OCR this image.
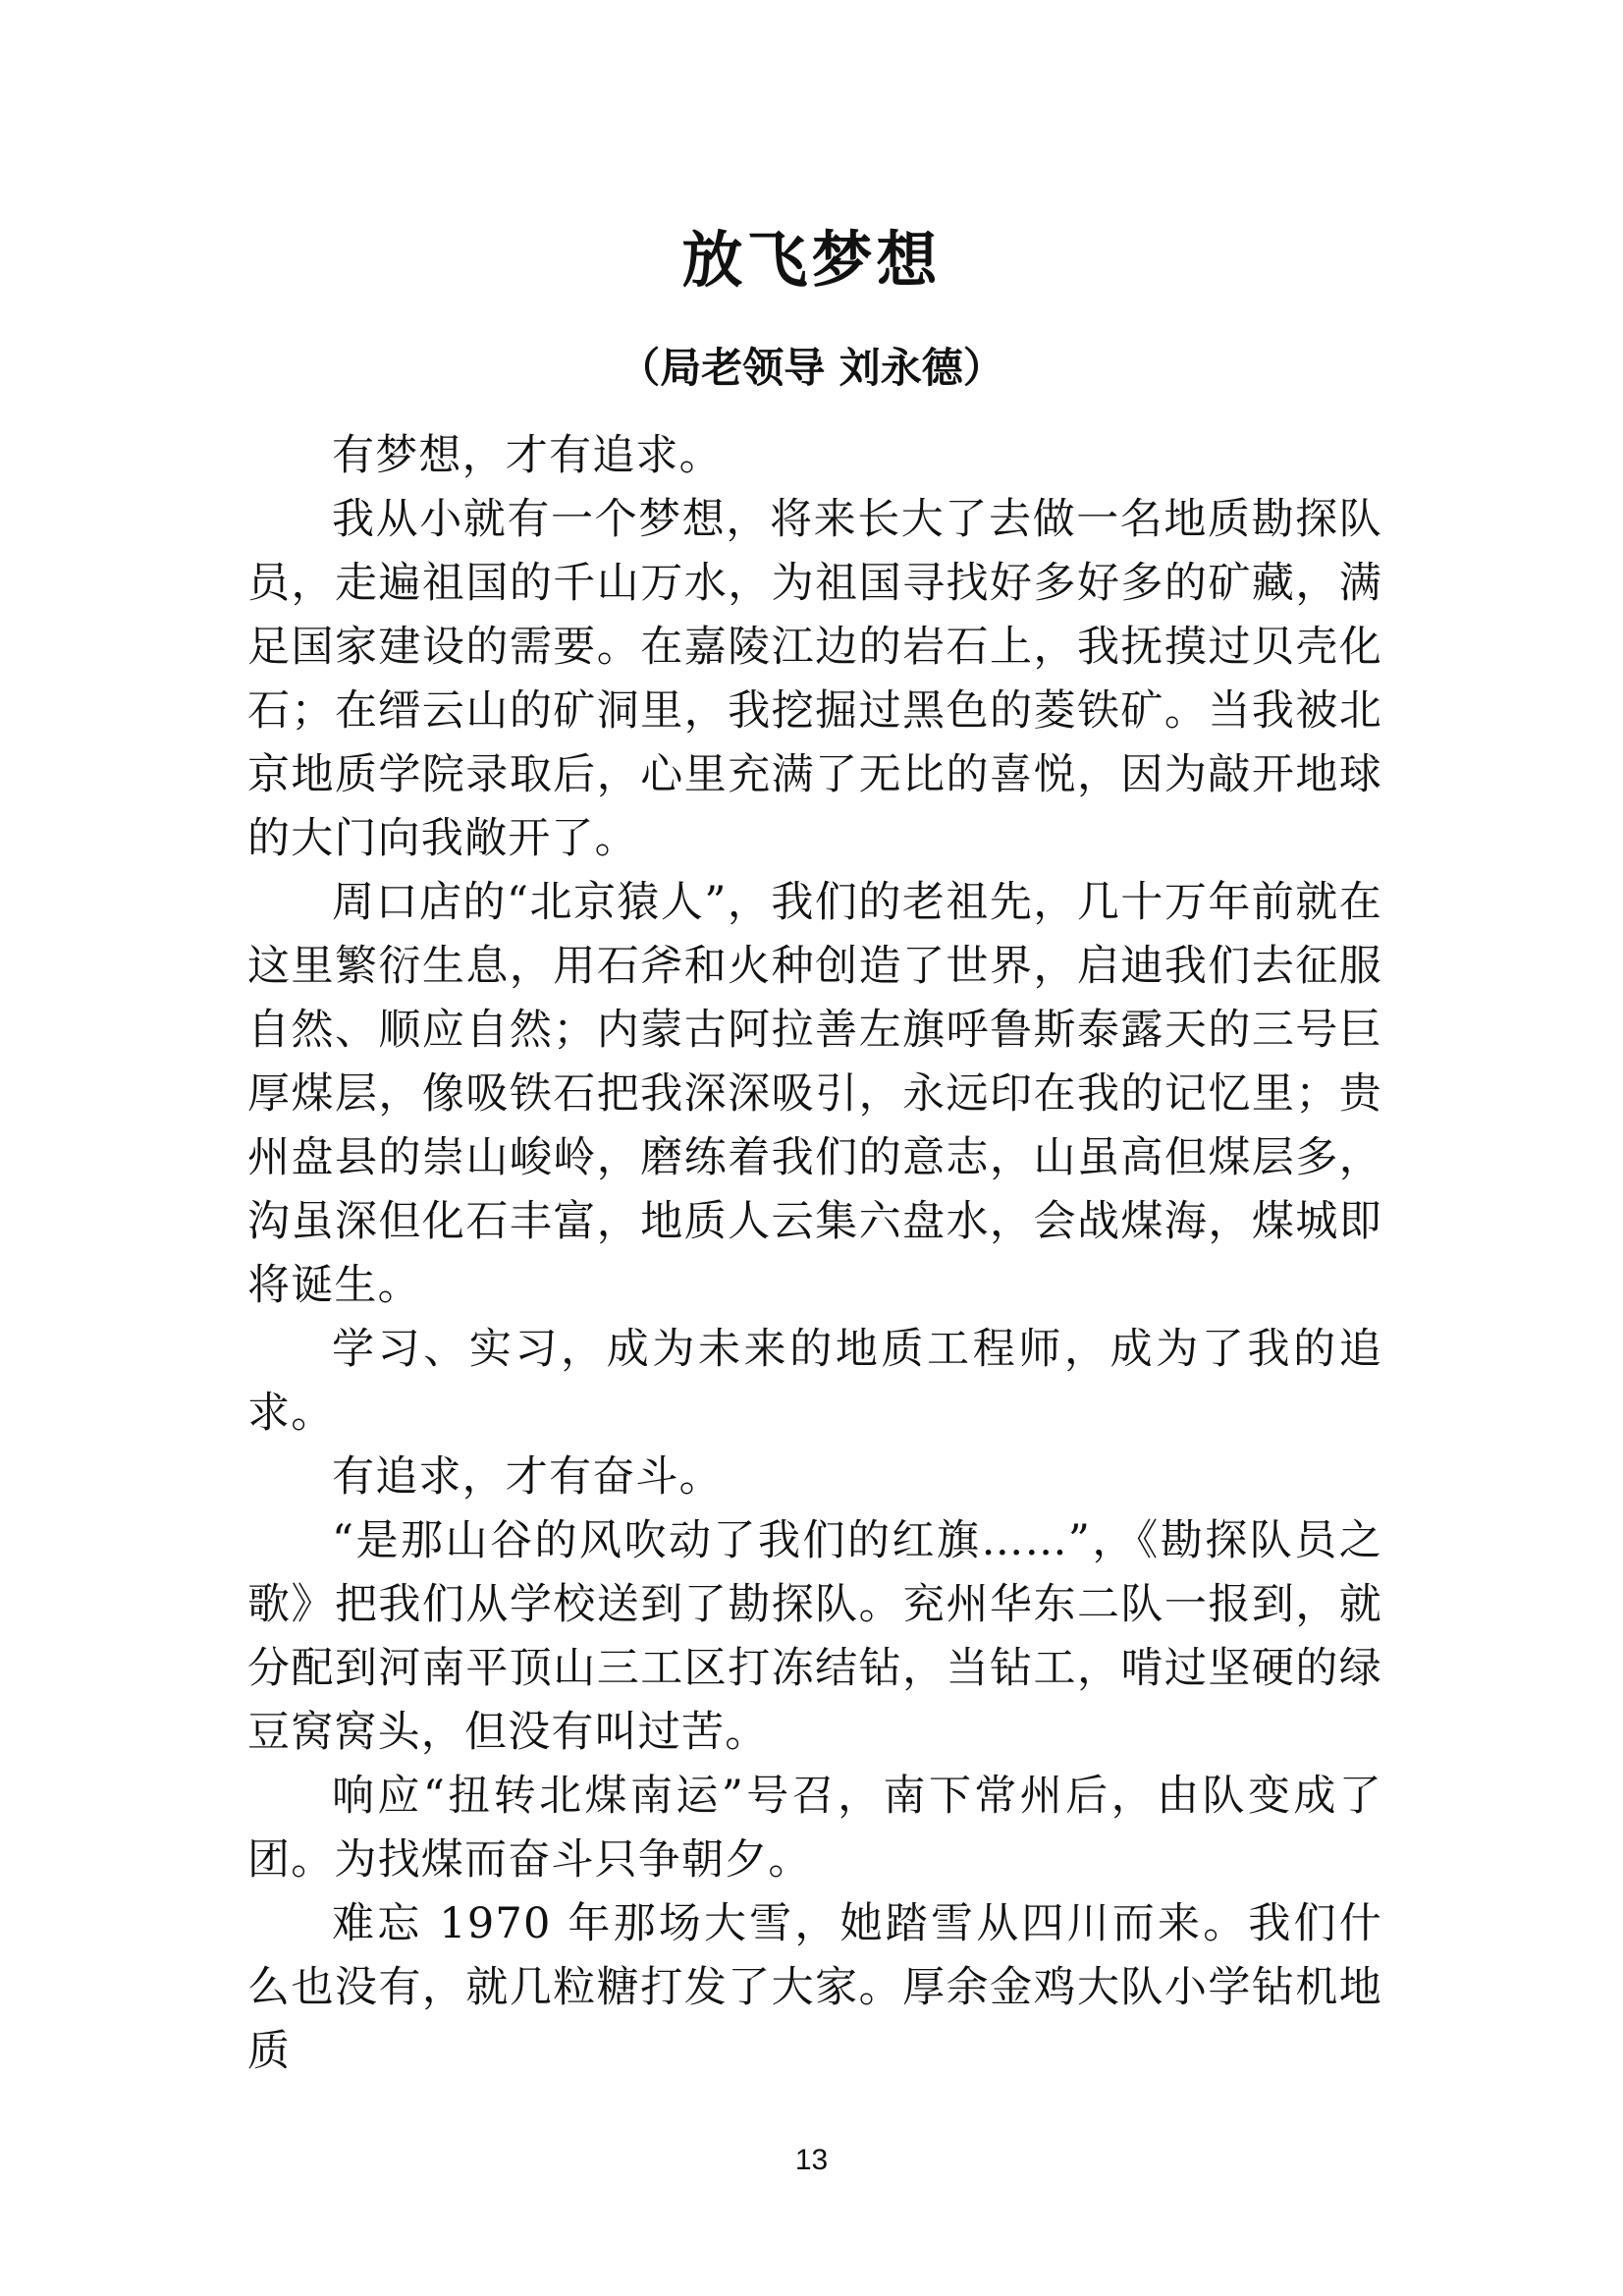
放飞梦想
（局老领导 刘永德）

有梦想，才有追求。

我从小就有一个梦想，将来长大了去做一名地质勘探队员，走遍祖国的千山万水，为祖国寻找好多好多的矿藏，满足国家建设的需要。在嘉陵江边的岩石上，我抚摸过贝壳化石；在缙云山的矿洞里，我挖掘过黑色的菱铁矿。当我被北京地质学院录取后，心里充满了无比的喜悦，因为敲开地球的大门向我敞开了。

周口店的“北京猿人”，我们的老祖先，几十万年前就在这里繁衍生息，用石斧和火种创造了世界，启迪我们去征服自然、顺应自然；内蒙古阿拉善左旗呼鲁斯泰露天的三号巨厚煤层，像吸铁石把我深深吸引，永远印在我的记忆里；贵州盘县的崇山峻岭，磨练着我们的意志，山虽高但煤层多，沟虽深但化石丰富，地质人云集六盘水，会战煤海，煤城即将诞生。

学习、实习，成为未来的地质工程师，成为了我的追求。

有追求，才有奋斗。

“是那山谷的风吹动了我们的红旗……”，《勘探队员之歌》把我们从学校送到了勘探队。兖州华东二队一报到，就分配到河南平顶山三工区打冻结钻，当钻工，啃过坚硬的绿豆窝窝头，但没有叫过苦。

响应“扭转北煤南运”号召，南下常州后，由队变成了团。为找煤而奋斗只争朝夕。

难忘 1970 年那场大雪，她踏雪从四川而来。我们什么也没有，就几粒糖打发了大家。厚余金鸡大队小学钻机地质

13
